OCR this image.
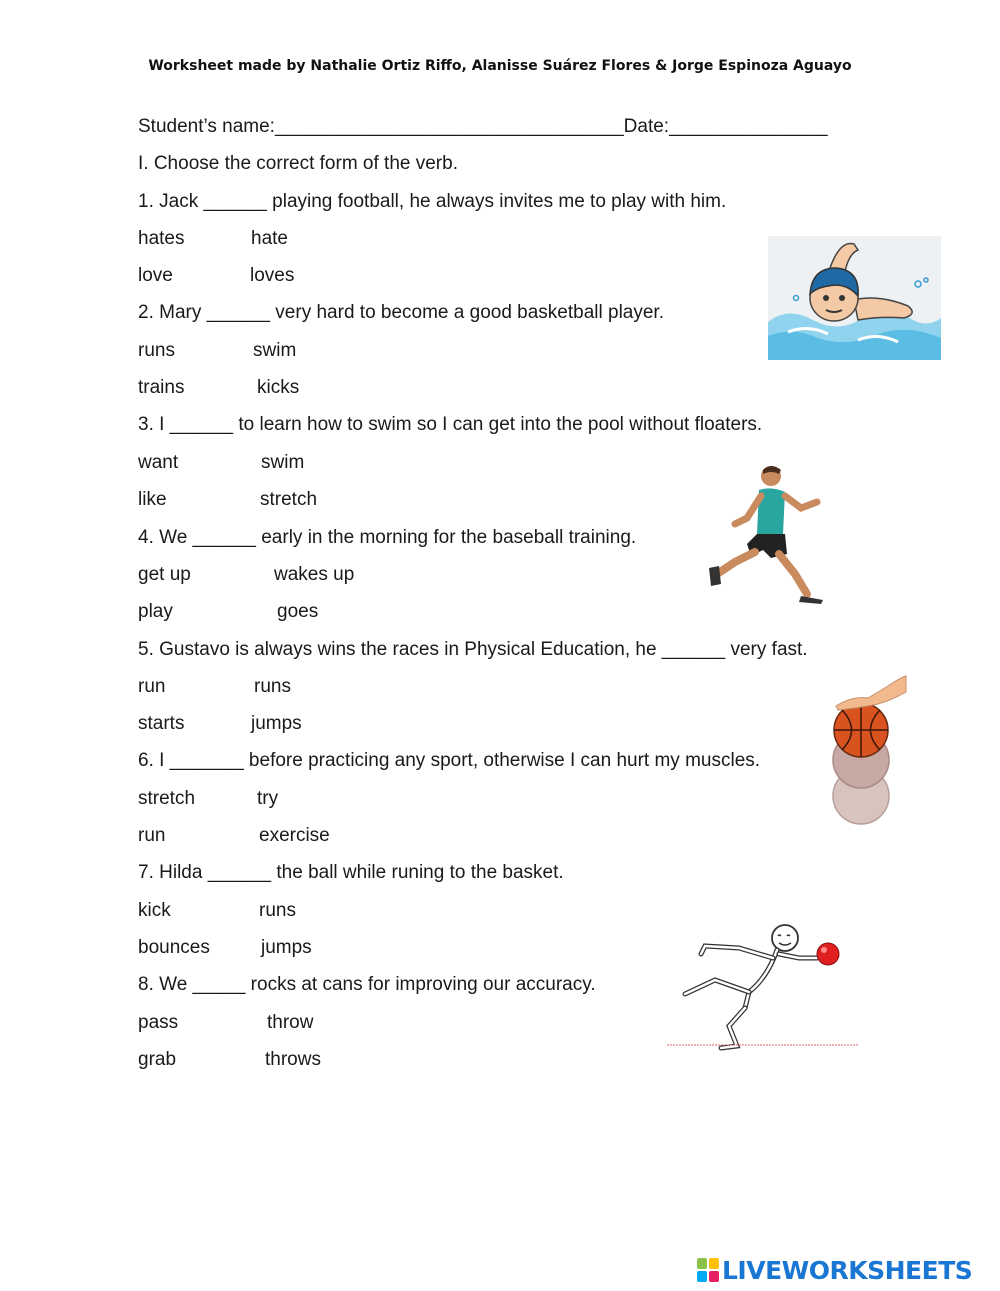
Worksheet made by Nathalie Ortiz Riffo, Alanisse Suárez Flores & Jorge Espinoza Aguayo
Student’s name:_________________________________Date:_______________
I. Choose the correct form of the verb.
1. Jack ______ playing football, he always invites me to play with him.
hates	hate
love	loves
2. Mary ______ very hard to become a good basketball player.
runs	swim
trains	kicks
3. I ______ to learn how to swim so I can get into the pool without floaters.
want	swim
like	stretch
4. We ______ early in the morning for the baseball training.
get up	wakes up
play	goes
5. Gustavo is always wins the races in Physical Education, he ______ very fast.
run	runs
starts	jumps
6. I _______ before practicing any sport, otherwise I can hurt my muscles.
stretch	try
run	exercise
7. Hilda ______ the ball while runing to the basket.
kick	runs
bounces	jumps
8. We _____ rocks at cans for improving our accuracy.
pass	throw
grab	throws
LIVEWORKSHEETS
